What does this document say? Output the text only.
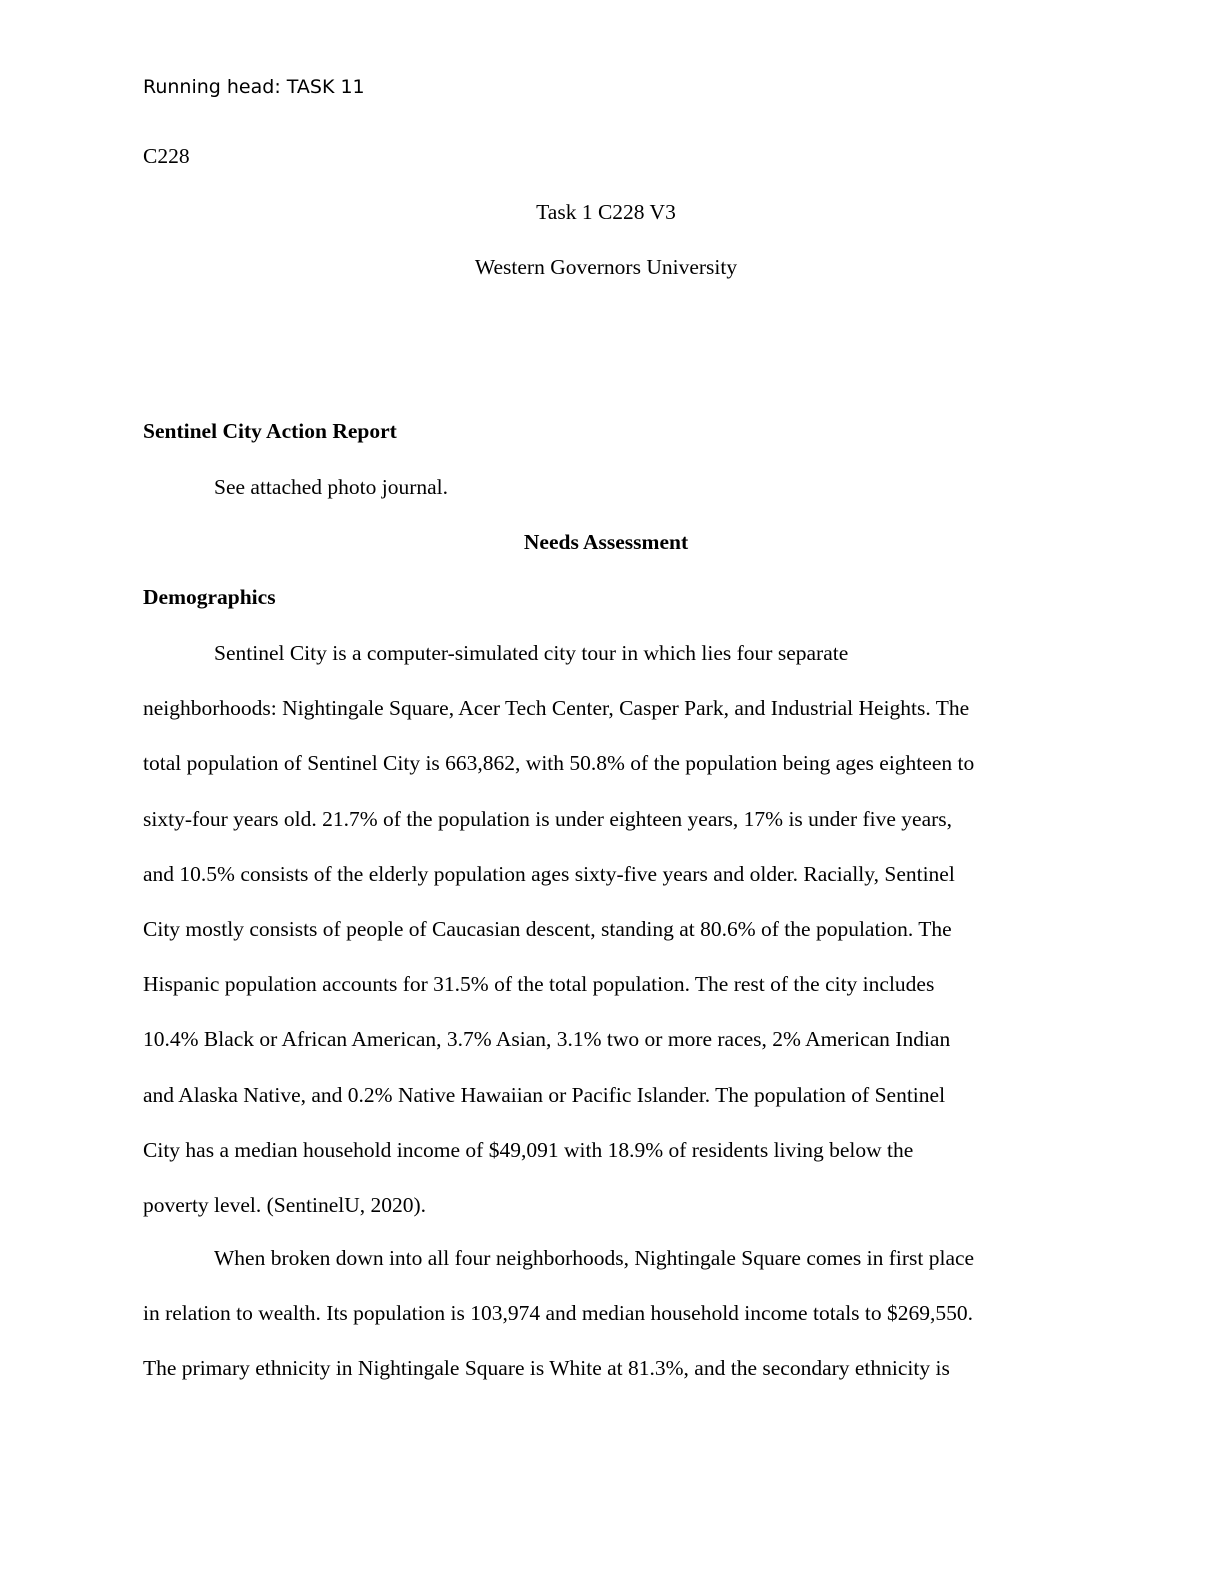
Running head: TASK 11
C228
Task 1 C228 V3
Western Governors University
Sentinel City Action Report
See attached photo journal.
Needs Assessment
Demographics
Sentinel City is a computer-simulated city tour in which lies four separate
neighborhoods: Nightingale Square, Acer Tech Center, Casper Park, and Industrial Heights. The
total population of Sentinel City is 663,862, with 50.8% of the population being ages eighteen to
sixty-four years old. 21.7% of the population is under eighteen years, 17% is under five years,
and 10.5% consists of the elderly population ages sixty-five years and older. Racially, Sentinel
City mostly consists of people of Caucasian descent, standing at 80.6% of the population. The
Hispanic population accounts for 31.5% of the total population. The rest of the city includes
10.4% Black or African American, 3.7% Asian, 3.1% two or more races, 2% American Indian
and Alaska Native, and 0.2% Native Hawaiian or Pacific Islander. The population of Sentinel
City has a median household income of $49,091 with 18.9% of residents living below the
poverty level. (SentinelU, 2020).
When broken down into all four neighborhoods, Nightingale Square comes in first place
in relation to wealth. Its population is 103,974 and median household income totals to $269,550.
The primary ethnicity in Nightingale Square is White at 81.3%, and the secondary ethnicity is
